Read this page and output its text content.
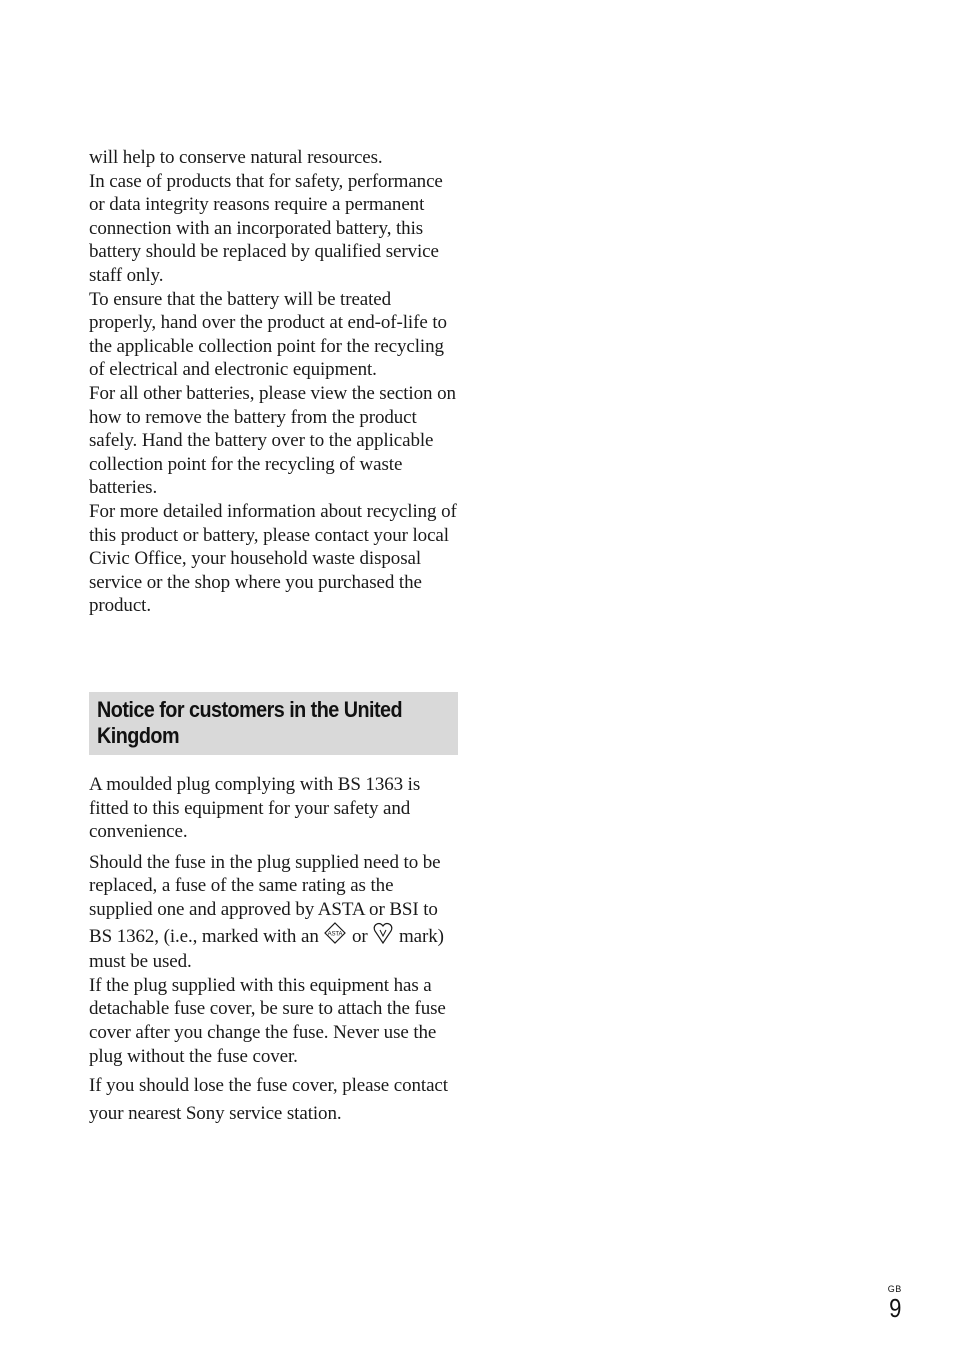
will help to conserve natural resources.

In case of products that for safety, performance or data integrity reasons require a permanent connection with an incorporated battery, this battery should be replaced by qualified service staff only.

To ensure that the battery will be treated properly, hand over the product at end-of-life to the applicable collection point for the recycling of electrical and electronic equipment.

For all other batteries, please view the section on how to remove the battery from the product safely. Hand the battery over to the applicable collection point for the recycling of waste batteries.

For more detailed information about recycling of this product or battery, please contact your local Civic Office, your household waste disposal service or the shop where you purchased the product.

Notice for customers in the United Kingdom

A moulded plug complying with BS 1363 is fitted to this equipment for your safety and convenience.

Should the fuse in the plug supplied need to be replaced, a fuse of the same rating as the supplied one and approved by ASTA or BSI to BS 1362, (i.e., marked with an ASTA or mark) must be used.

If the plug supplied with this equipment has a detachable fuse cover, be sure to attach the fuse cover after you change the fuse. Never use the plug without the fuse cover.

If you should lose the fuse cover, please contact your nearest Sony service station.

GB
9
